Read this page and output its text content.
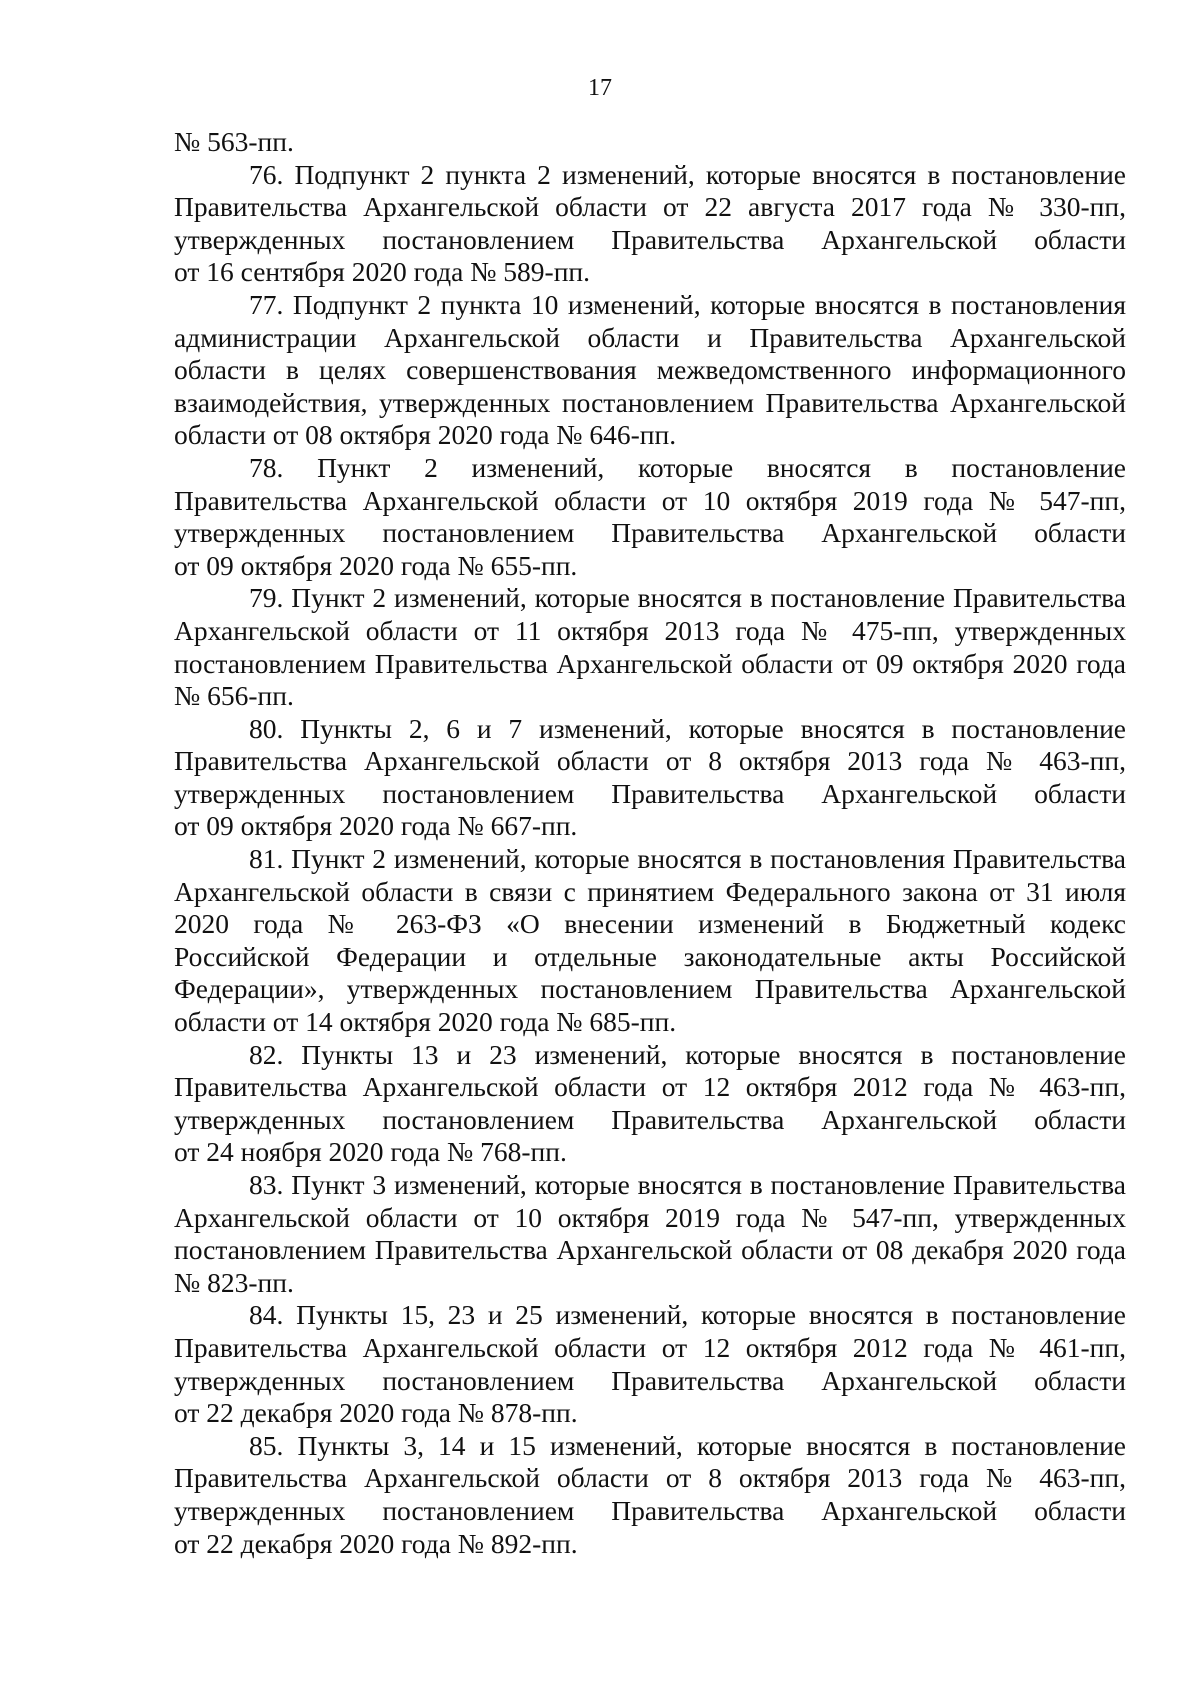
17
№ 563-пп.
76. Подпункт 2 пункта 2 изменений, которые вносятся в постановление
Правительства Архангельской области от 22 августа 2017 года № 330-пп,
утвержденных постановлением Правительства Архангельской области
от 16 сентября 2020 года № 589-пп.
77. Подпункт 2 пункта 10 изменений, которые вносятся в постановления
администрации Архангельской области и Правительства Архангельской
области в целях совершенствования межведомственного информационного
взаимодействия, утвержденных постановлением Правительства Архангельской
области от 08 октября 2020 года № 646-пп.
78. Пункт 2 изменений, которые вносятся в постановление
Правительства Архангельской области от 10 октября 2019 года № 547-пп,
утвержденных постановлением Правительства Архангельской области
от 09 октября 2020 года № 655-пп.
79. Пункт 2 изменений, которые вносятся в постановление Правительства
Архангельской области от 11 октября 2013 года № 475-пп, утвержденных
постановлением Правительства Архангельской области от 09 октября 2020 года
№ 656-пп.
80. Пункты 2, 6 и 7 изменений, которые вносятся в постановление
Правительства Архангельской области от 8 октября 2013 года № 463-пп,
утвержденных постановлением Правительства Архангельской области
от 09 октября 2020 года № 667-пп.
81. Пункт 2 изменений, которые вносятся в постановления Правительства
Архангельской области в связи с принятием Федерального закона от 31 июля
2020 года № 263-ФЗ «О внесении изменений в Бюджетный кодекс
Российской Федерации и отдельные законодательные акты Российской
Федерации», утвержденных постановлением Правительства Архангельской
области от 14 октября 2020 года № 685-пп.
82. Пункты 13 и 23 изменений, которые вносятся в постановление
Правительства Архангельской области от 12 октября 2012 года № 463-пп,
утвержденных постановлением Правительства Архангельской области
от 24 ноября 2020 года № 768-пп.
83. Пункт 3 изменений, которые вносятся в постановление Правительства
Архангельской области от 10 октября 2019 года № 547-пп, утвержденных
постановлением Правительства Архангельской области от 08 декабря 2020 года
№ 823-пп.
84. Пункты 15, 23 и 25 изменений, которые вносятся в постановление
Правительства Архангельской области от 12 октября 2012 года № 461-пп,
утвержденных постановлением Правительства Архангельской области
от 22 декабря 2020 года № 878-пп.
85. Пункты 3, 14 и 15 изменений, которые вносятся в постановление
Правительства Архангельской области от 8 октября 2013 года № 463-пп,
утвержденных постановлением Правительства Архангельской области
от 22 декабря 2020 года № 892-пп.
